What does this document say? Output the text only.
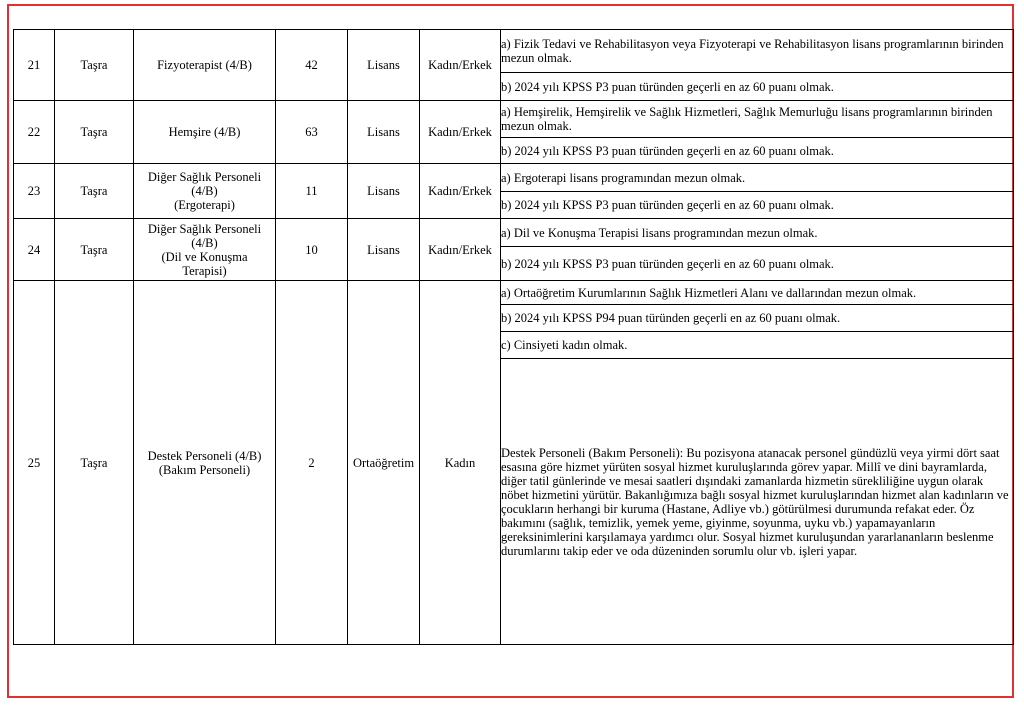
21	Taşra	Fizyoterapist (4/B)	42	Lisans	Kadın/Erkek	a) Fizik Tedavi ve Rehabilitasyon veya Fizyoterapi ve Rehabilitasyon lisans programlarının birinden mezun olmak.
						b) 2024 yılı KPSS P3 puan türünden geçerli en az 60 puanı olmak.
22	Taşra	Hemşire (4/B)	63	Lisans	Kadın/Erkek	a) Hemşirelik, Hemşirelik ve Sağlık Hizmetleri, Sağlık Memurluğu lisans programlarının birinden mezun olmak.
						b) 2024 yılı KPSS P3 puan türünden geçerli en az 60 puanı olmak.
23	Taşra	Diğer Sağlık Personeli
(4/B)
(Ergoterapi)	11	Lisans	Kadın/Erkek	a) Ergoterapi lisans programından mezun olmak.
						b) 2024 yılı KPSS P3 puan türünden geçerli en az 60 puanı olmak.
24	Taşra	Diğer Sağlık Personeli
(4/B)
(Dil ve Konuşma
Terapisi)	10	Lisans	Kadın/Erkek	a) Dil ve Konuşma Terapisi lisans programından mezun olmak.
						b) 2024 yılı KPSS P3 puan türünden geçerli en az 60 puanı olmak.
25	Taşra	Destek Personeli (4/B)
(Bakım Personeli)	2	Ortaöğretim	Kadın	a) Ortaöğretim Kurumlarının Sağlık Hizmetleri Alanı ve dallarından mezun olmak.
						b) 2024 yılı KPSS P94 puan türünden geçerli en az 60 puanı olmak.
						c) Cinsiyeti kadın olmak.
						Destek Personeli (Bakım Personeli): Bu pozisyona atanacak personel gündüzlü veya yirmi dört saat esasına göre hizmet yürüten sosyal hizmet kuruluşlarında görev yapar. Millî ve dini bayramlarda, diğer tatil günlerinde ve mesai saatleri dışındaki zamanlarda hizmetin sürekliliğine uygun olarak nöbet hizmetini yürütür. Bakanlığımıza bağlı sosyal hizmet kuruluşlarından hizmet alan kadınların ve çocukların herhangi bir kuruma (Hastane, Adliye vb.) götürülmesi durumunda refakat eder. Öz bakımını (sağlık, temizlik, yemek yeme, giyinme, soyunma, uyku vb.) yapamayanların gereksinimlerini karşılamaya yardımcı olur. Sosyal hizmet kuruluşundan yararlananların beslenme durumlarını takip eder ve oda düzeninden sorumlu olur vb. işleri yapar.
